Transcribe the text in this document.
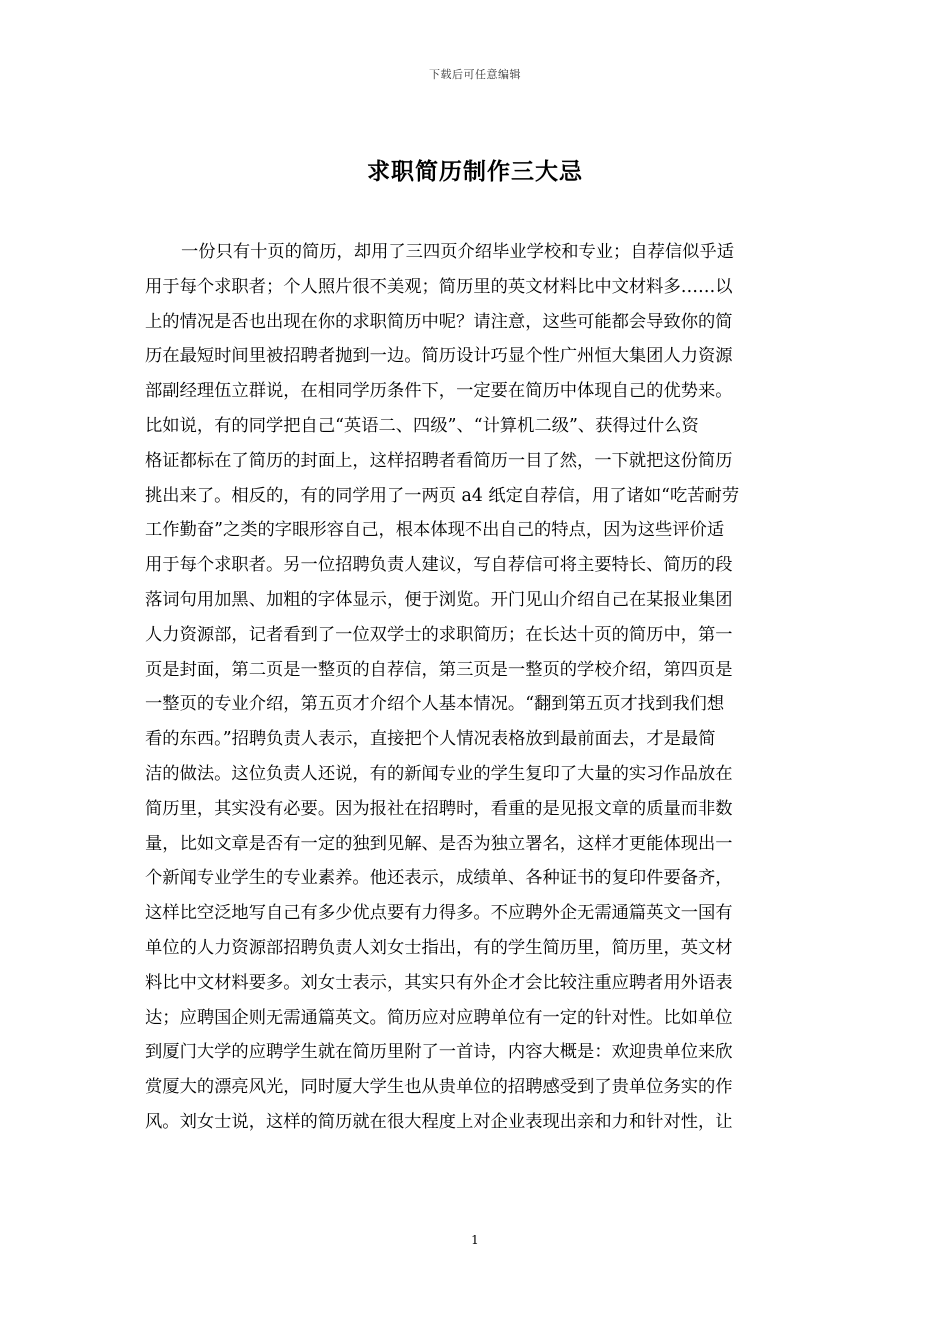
下载后可任意编辑
求职简历制作三大忌
一份只有十页的简历，却用了三四页介绍毕业学校和专业；自荐信似乎适
用于每个求职者；个人照片很不美观；简历里的英文材料比中文材料多……以
上的情况是否也出现在你的求职简历中呢？请注意，这些可能都会导致你的简
历在最短时间里被招聘者抛到一边。简历设计巧显个性广州恒大集团人力资源
部副经理伍立群说，在相同学历条件下，一定要在简历中体现自己的优势来。
比如说，有的同学把自己“英语二、四级”、“计算机二级”、获得过什么资
格证都标在了简历的封面上，这样招聘者看简历一目了然，一下就把这份简历
挑出来了。相反的，有的同学用了一两页 a4 纸定自荐信，用了诸如“吃苦耐劳
工作勤奋”之类的字眼形容自己，根本体现不出自己的特点，因为这些评价适
用于每个求职者。另一位招聘负责人建议，写自荐信可将主要特长、简历的段
落词句用加黑、加粗的字体显示，便于浏览。开门见山介绍自己在某报业集团
人力资源部，记者看到了一位双学士的求职简历；在长达十页的简历中，第一
页是封面，第二页是一整页的自荐信，第三页是一整页的学校介绍，第四页是
一整页的专业介绍，第五页才介绍个人基本情况。“翻到第五页才找到我们想
看的东西。”招聘负责人表示，直接把个人情况表格放到最前面去，才是最简
洁的做法。这位负责人还说，有的新闻专业的学生复印了大量的实习作品放在
简历里，其实没有必要。因为报社在招聘时，看重的是见报文章的质量而非数
量，比如文章是否有一定的独到见解、是否为独立署名，这样才更能体现出一
个新闻专业学生的专业素养。他还表示，成绩单、各种证书的复印件要备齐，
这样比空泛地写自己有多少优点要有力得多。不应聘外企无需通篇英文一国有
单位的人力资源部招聘负责人刘女士指出，有的学生简历里，简历里，英文材
料比中文材料要多。刘女士表示，其实只有外企才会比较注重应聘者用外语表
达；应聘国企则无需通篇英文。简历应对应聘单位有一定的针对性。比如单位
到厦门大学的应聘学生就在简历里附了一首诗，内容大概是：欢迎贵单位来欣
赏厦大的漂亮风光，同时厦大学生也从贵单位的招聘感受到了贵单位务实的作
风。刘女士说，这样的简历就在很大程度上对企业表现出亲和力和针对性，让
1
